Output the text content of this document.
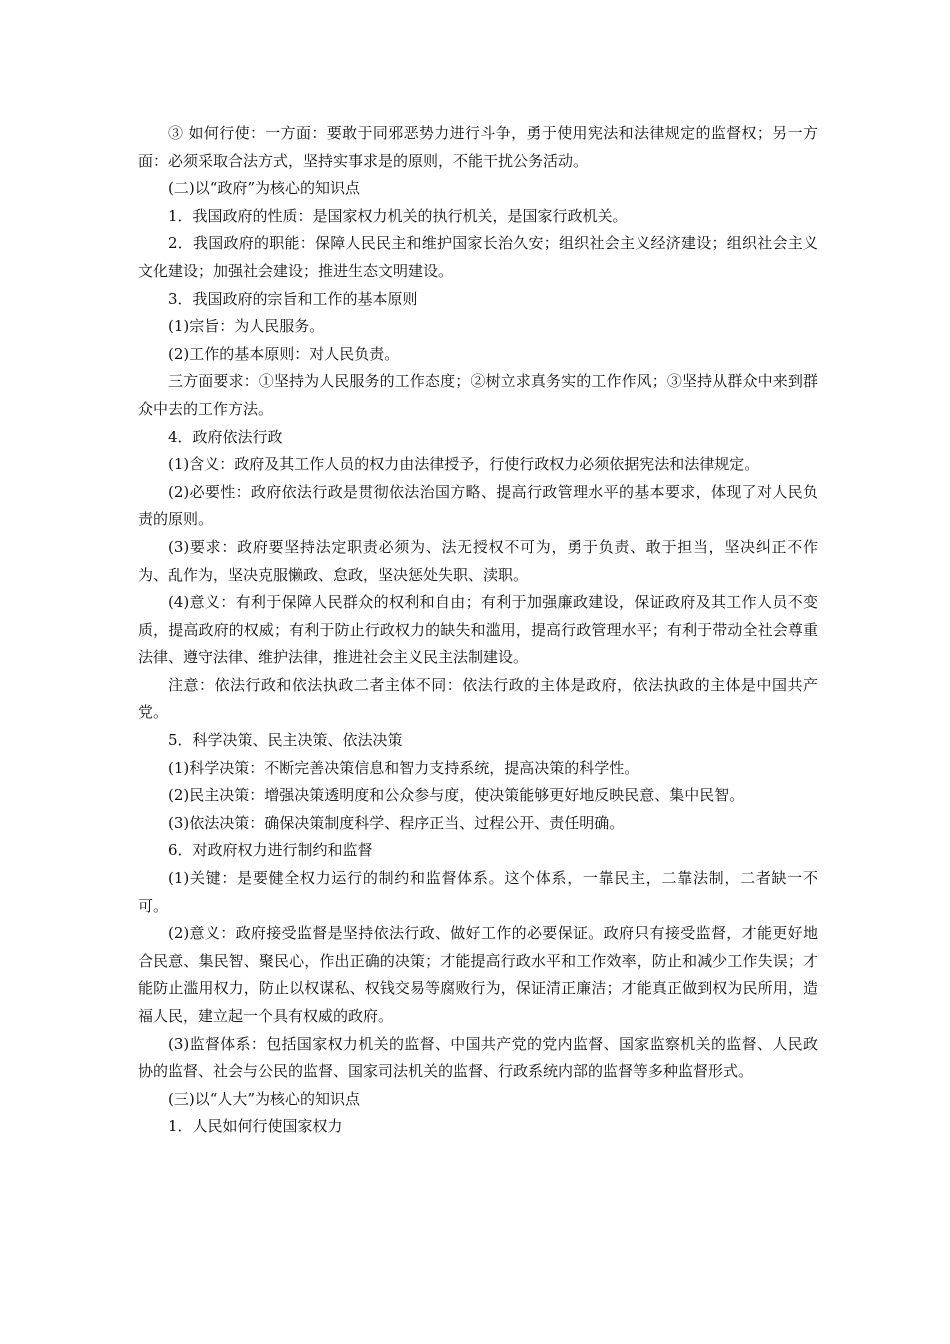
③ 如何行使：一方面：要敢于同邪恶势力进行斗争，勇于使用宪法和法律规定的监督权；另一方面：必须采取合法方式，坚持实事求是的原则，不能干扰公务活动。

(二)以“政府”为核心的知识点

1．我国政府的性质：是国家权力机关的执行机关，是国家行政机关。

2．我国政府的职能：保障人民民主和维护国家长治久安；组织社会主义经济建设；组织社会主义文化建设；加强社会建设；推进生态文明建设。

3．我国政府的宗旨和工作的基本原则

(1)宗旨：为人民服务。

(2)工作的基本原则：对人民负责。

三方面要求：①坚持为人民服务的工作态度；②树立求真务实的工作作风；③坚持从群众中来到群众中去的工作方法。

4．政府依法行政

(1)含义：政府及其工作人员的权力由法律授予，行使行政权力必须依据宪法和法律规定。

(2)必要性：政府依法行政是贯彻依法治国方略、提高行政管理水平的基本要求，体现了对人民负责的原则。

(3)要求：政府要坚持法定职责必须为、法无授权不可为，勇于负责、敢于担当，坚决纠正不作为、乱作为，坚决克服懒政、怠政，坚决惩处失职、渎职。

(4)意义：有利于保障人民群众的权利和自由；有利于加强廉政建设，保证政府及其工作人员不变质，提高政府的权威；有利于防止行政权力的缺失和滥用，提高行政管理水平；有利于带动全社会尊重法律、遵守法律、维护法律，推进社会主义民主法制建设。

注意：依法行政和依法执政二者主体不同：依法行政的主体是政府，依法执政的主体是中国共产党。

5．科学决策、民主决策、依法决策

(1)科学决策：不断完善决策信息和智力支持系统，提高决策的科学性。

(2)民主决策：增强决策透明度和公众参与度，使决策能够更好地反映民意、集中民智。

(3)依法决策：确保决策制度科学、程序正当、过程公开、责任明确。

6．对政府权力进行制约和监督

(1)关键：是要健全权力运行的制约和监督体系。这个体系，一靠民主，二靠法制，二者缺一不可。

(2)意义：政府接受监督是坚持依法行政、做好工作的必要保证。政府只有接受监督，才能更好地合民意、集民智、聚民心，作出正确的决策；才能提高行政水平和工作效率，防止和减少工作失误；才能防止滥用权力，防止以权谋私、权钱交易等腐败行为，保证清正廉洁；才能真正做到权为民所用，造福人民，建立起一个具有权威的政府。

(3)监督体系：包括国家权力机关的监督、中国共产党的党内监督、国家监察机关的监督、人民政协的监督、社会与公民的监督、国家司法机关的监督、行政系统内部的监督等多种监督形式。

(三)以“人大”为核心的知识点

1．人民如何行使国家权力
